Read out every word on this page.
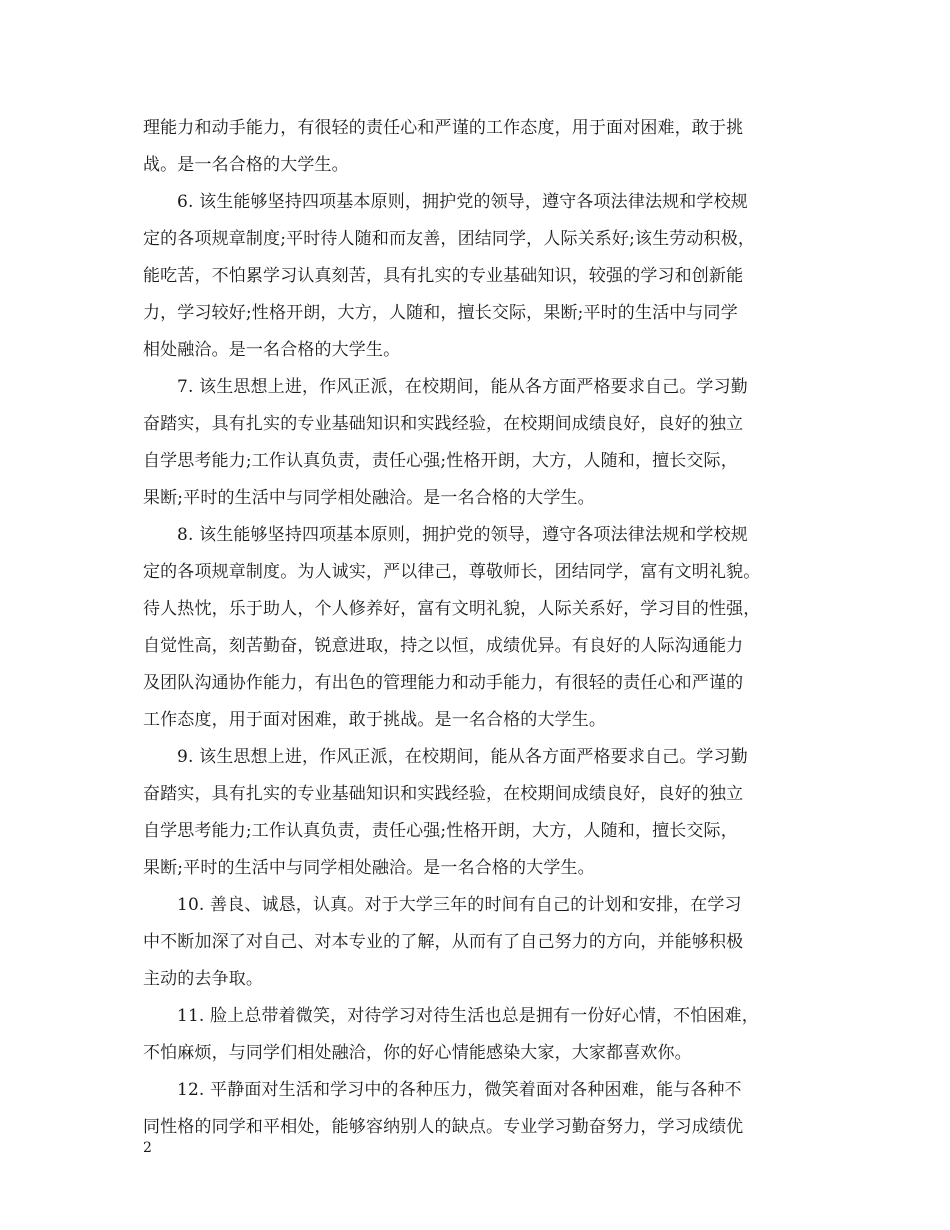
理能力和动手能力，有很轻的责任心和严谨的工作态度，用于面对困难，敢于挑
战。是一名合格的大学生。
6. 该生能够坚持四项基本原则，拥护党的领导，遵守各项法律法规和学校规
定的各项规章制度;平时待人随和而友善，团结同学，人际关系好;该生劳动积极，
能吃苦，不怕累学习认真刻苦，具有扎实的专业基础知识，较强的学习和创新能
力，学习较好;性格开朗，大方，人随和，擅长交际，果断;平时的生活中与同学
相处融洽。是一名合格的大学生。
7. 该生思想上进，作风正派，在校期间，能从各方面严格要求自己。学习勤
奋踏实，具有扎实的专业基础知识和实践经验，在校期间成绩良好，良好的独立
自学思考能力;工作认真负责，责任心强;性格开朗，大方，人随和，擅长交际，
果断;平时的生活中与同学相处融洽。是一名合格的大学生。
8. 该生能够坚持四项基本原则，拥护党的领导，遵守各项法律法规和学校规
定的各项规章制度。为人诚实，严以律己，尊敬师长，团结同学，富有文明礼貌。
待人热忱，乐于助人，个人修养好，富有文明礼貌，人际关系好，学习目的性强，
自觉性高，刻苦勤奋，锐意进取，持之以恒，成绩优异。有良好的人际沟通能力
及团队沟通协作能力，有出色的管理能力和动手能力，有很轻的责任心和严谨的
工作态度，用于面对困难，敢于挑战。是一名合格的大学生。
9. 该生思想上进，作风正派，在校期间，能从各方面严格要求自己。学习勤
奋踏实，具有扎实的专业基础知识和实践经验，在校期间成绩良好，良好的独立
自学思考能力;工作认真负责，责任心强;性格开朗，大方，人随和，擅长交际，
果断;平时的生活中与同学相处融洽。是一名合格的大学生。
10. 善良、诚恳，认真。对于大学三年的时间有自己的计划和安排，在学习
中不断加深了对自己、对本专业的了解，从而有了自己努力的方向，并能够积极
主动的去争取。
11. 脸上总带着微笑，对待学习对待生活也总是拥有一份好心情，不怕困难，
不怕麻烦，与同学们相处融洽，你的好心情能感染大家，大家都喜欢你。
12. 平静面对生活和学习中的各种压力，微笑着面对各种困难，能与各种不
同性格的同学和平相处，能够容纳别人的缺点。专业学习勤奋努力，学习成绩优
2
